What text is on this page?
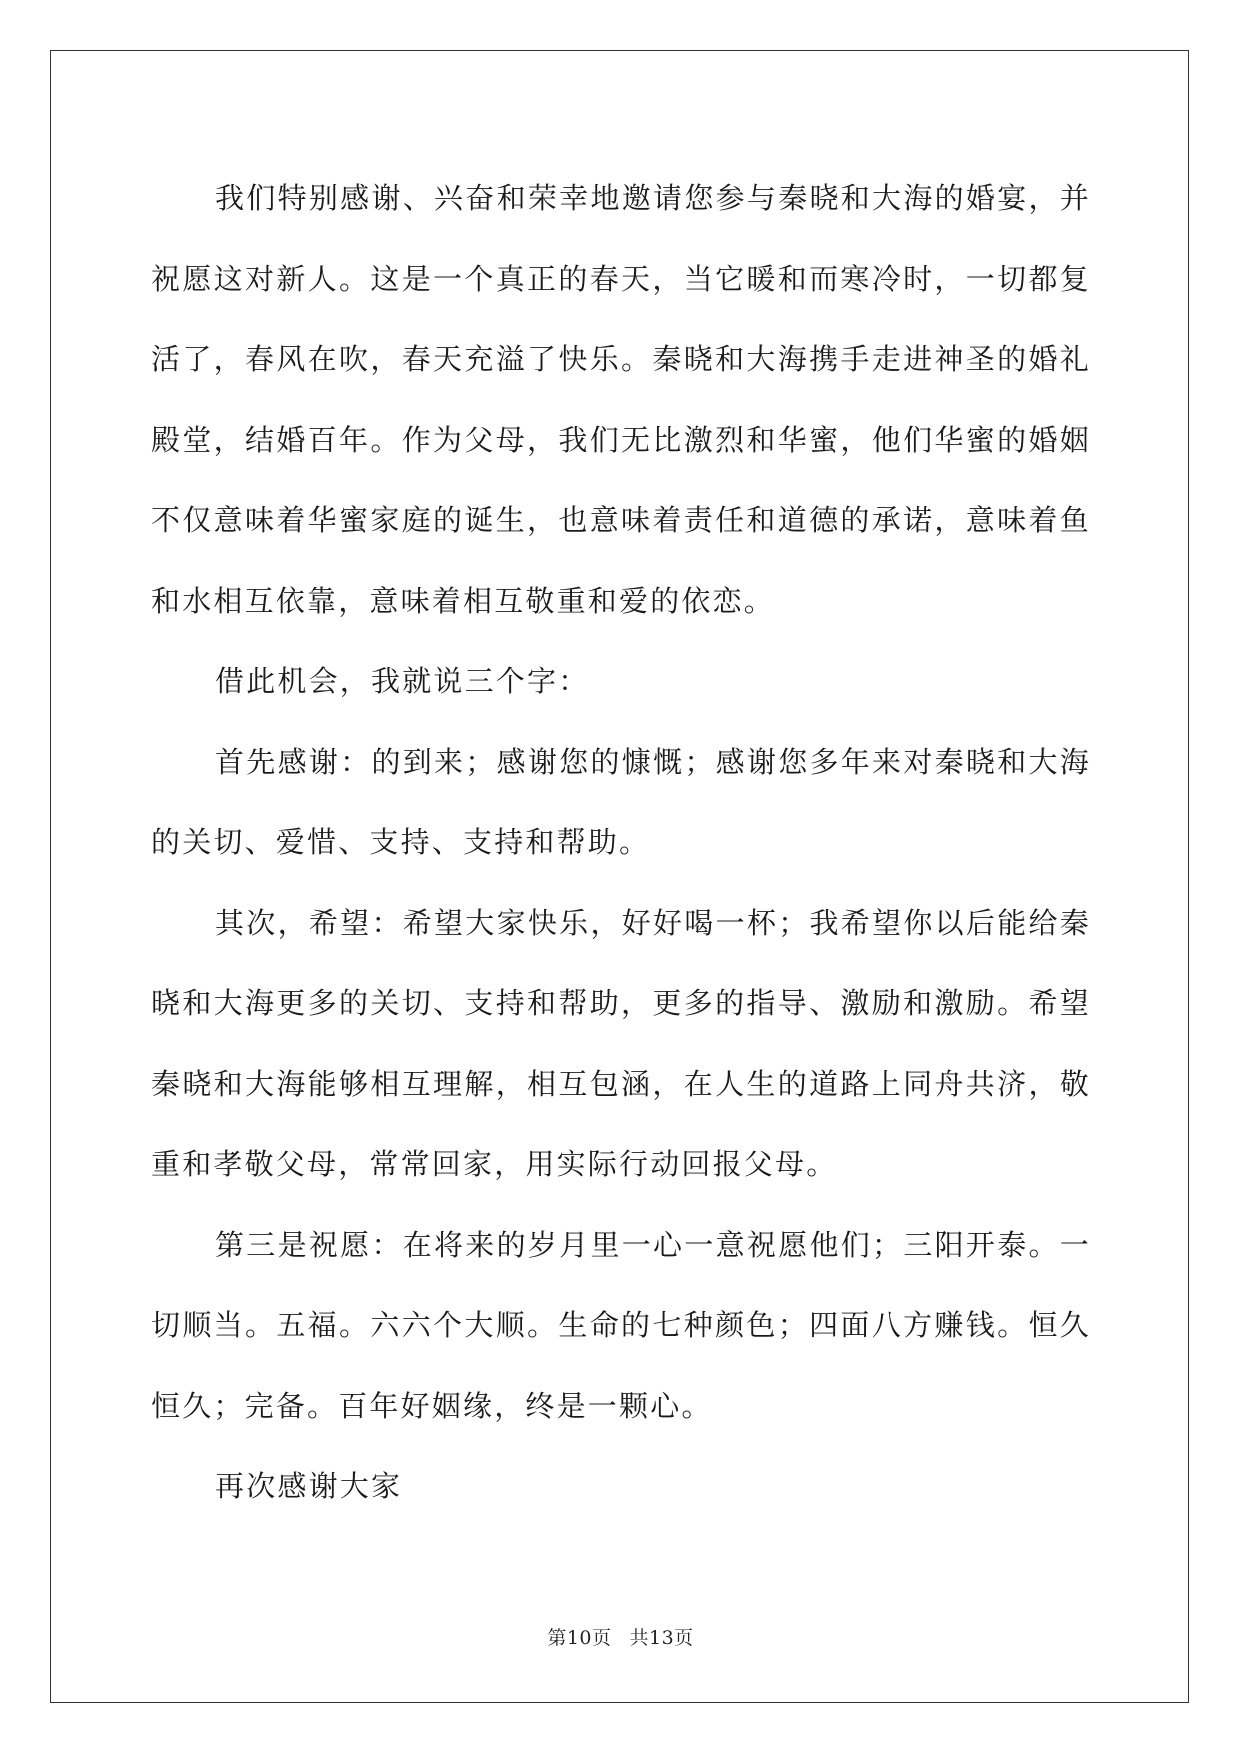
我们特别感谢、兴奋和荣幸地邀请您参与秦晓和大海的婚宴，并祝愿这对新人。这是一个真正的春天，当它暖和而寒冷时，一切都复活了，春风在吹，春天充溢了快乐。秦晓和大海携手走进神圣的婚礼殿堂，结婚百年。作为父母，我们无比激烈和华蜜，他们华蜜的婚姻不仅意味着华蜜家庭的诞生，也意味着责任和道德的承诺，意味着鱼和水相互依靠，意味着相互敬重和爱的依恋。

借此机会，我就说三个字：

首先感谢：的到来；感谢您的慷慨；感谢您多年来对秦晓和大海的关切、爱惜、支持、支持和帮助。

其次，希望：希望大家快乐，好好喝一杯；我希望你以后能给秦晓和大海更多的关切、支持和帮助，更多的指导、激励和激励。希望秦晓和大海能够相互理解，相互包涵，在人生的道路上同舟共济，敬重和孝敬父母，常常回家，用实际行动回报父母。

第三是祝愿：在将来的岁月里一心一意祝愿他们；三阳开泰。一切顺当。五福。六六个大顺。生命的七种颜色；四面八方赚钱。恒久恒久；完备。百年好姻缘，终是一颗心。

再次感谢大家

第10页 共13页
